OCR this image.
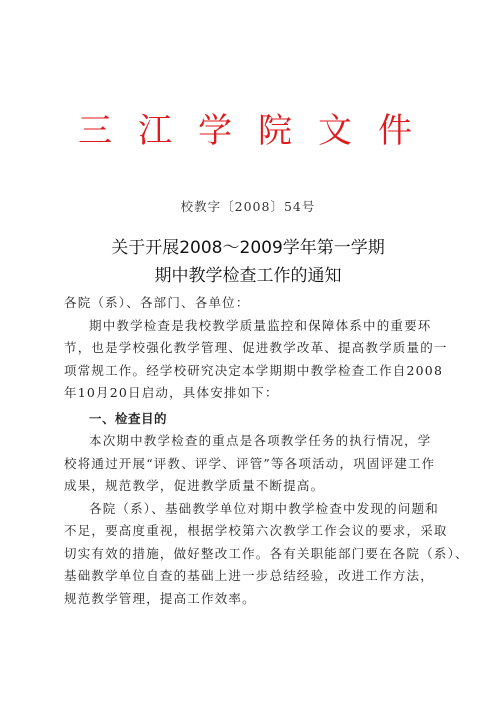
三江学院文件
校教字〔2008〕54号
关于开展2008～2009学年第一学期
期中教学检查工作的通知
各院（系）、各部门、各单位：

期中教学检查是我校教学质量监控和保障体系中的重要环
节，也是学校强化教学管理、促进教学改革、提高教学质量的一
项常规工作。经学校研究决定本学期期中教学检查工作自2008
年10月20日启动，具体安排如下：

一、检查目的

本次期中教学检查的重点是各项教学任务的执行情况，学
校将通过开展“评教、评学、评管”等各项活动，巩固评建工作
成果，规范教学，促进教学质量不断提高。

各院（系）、基础教学单位对期中教学检查中发现的问题和
不足，要高度重视，根据学校第六次教学工作会议的要求，采取
切实有效的措施，做好整改工作。各有关职能部门要在各院（系）、
基础教学单位自查的基础上进一步总结经验，改进工作方法，
规范教学管理，提高工作效率。
